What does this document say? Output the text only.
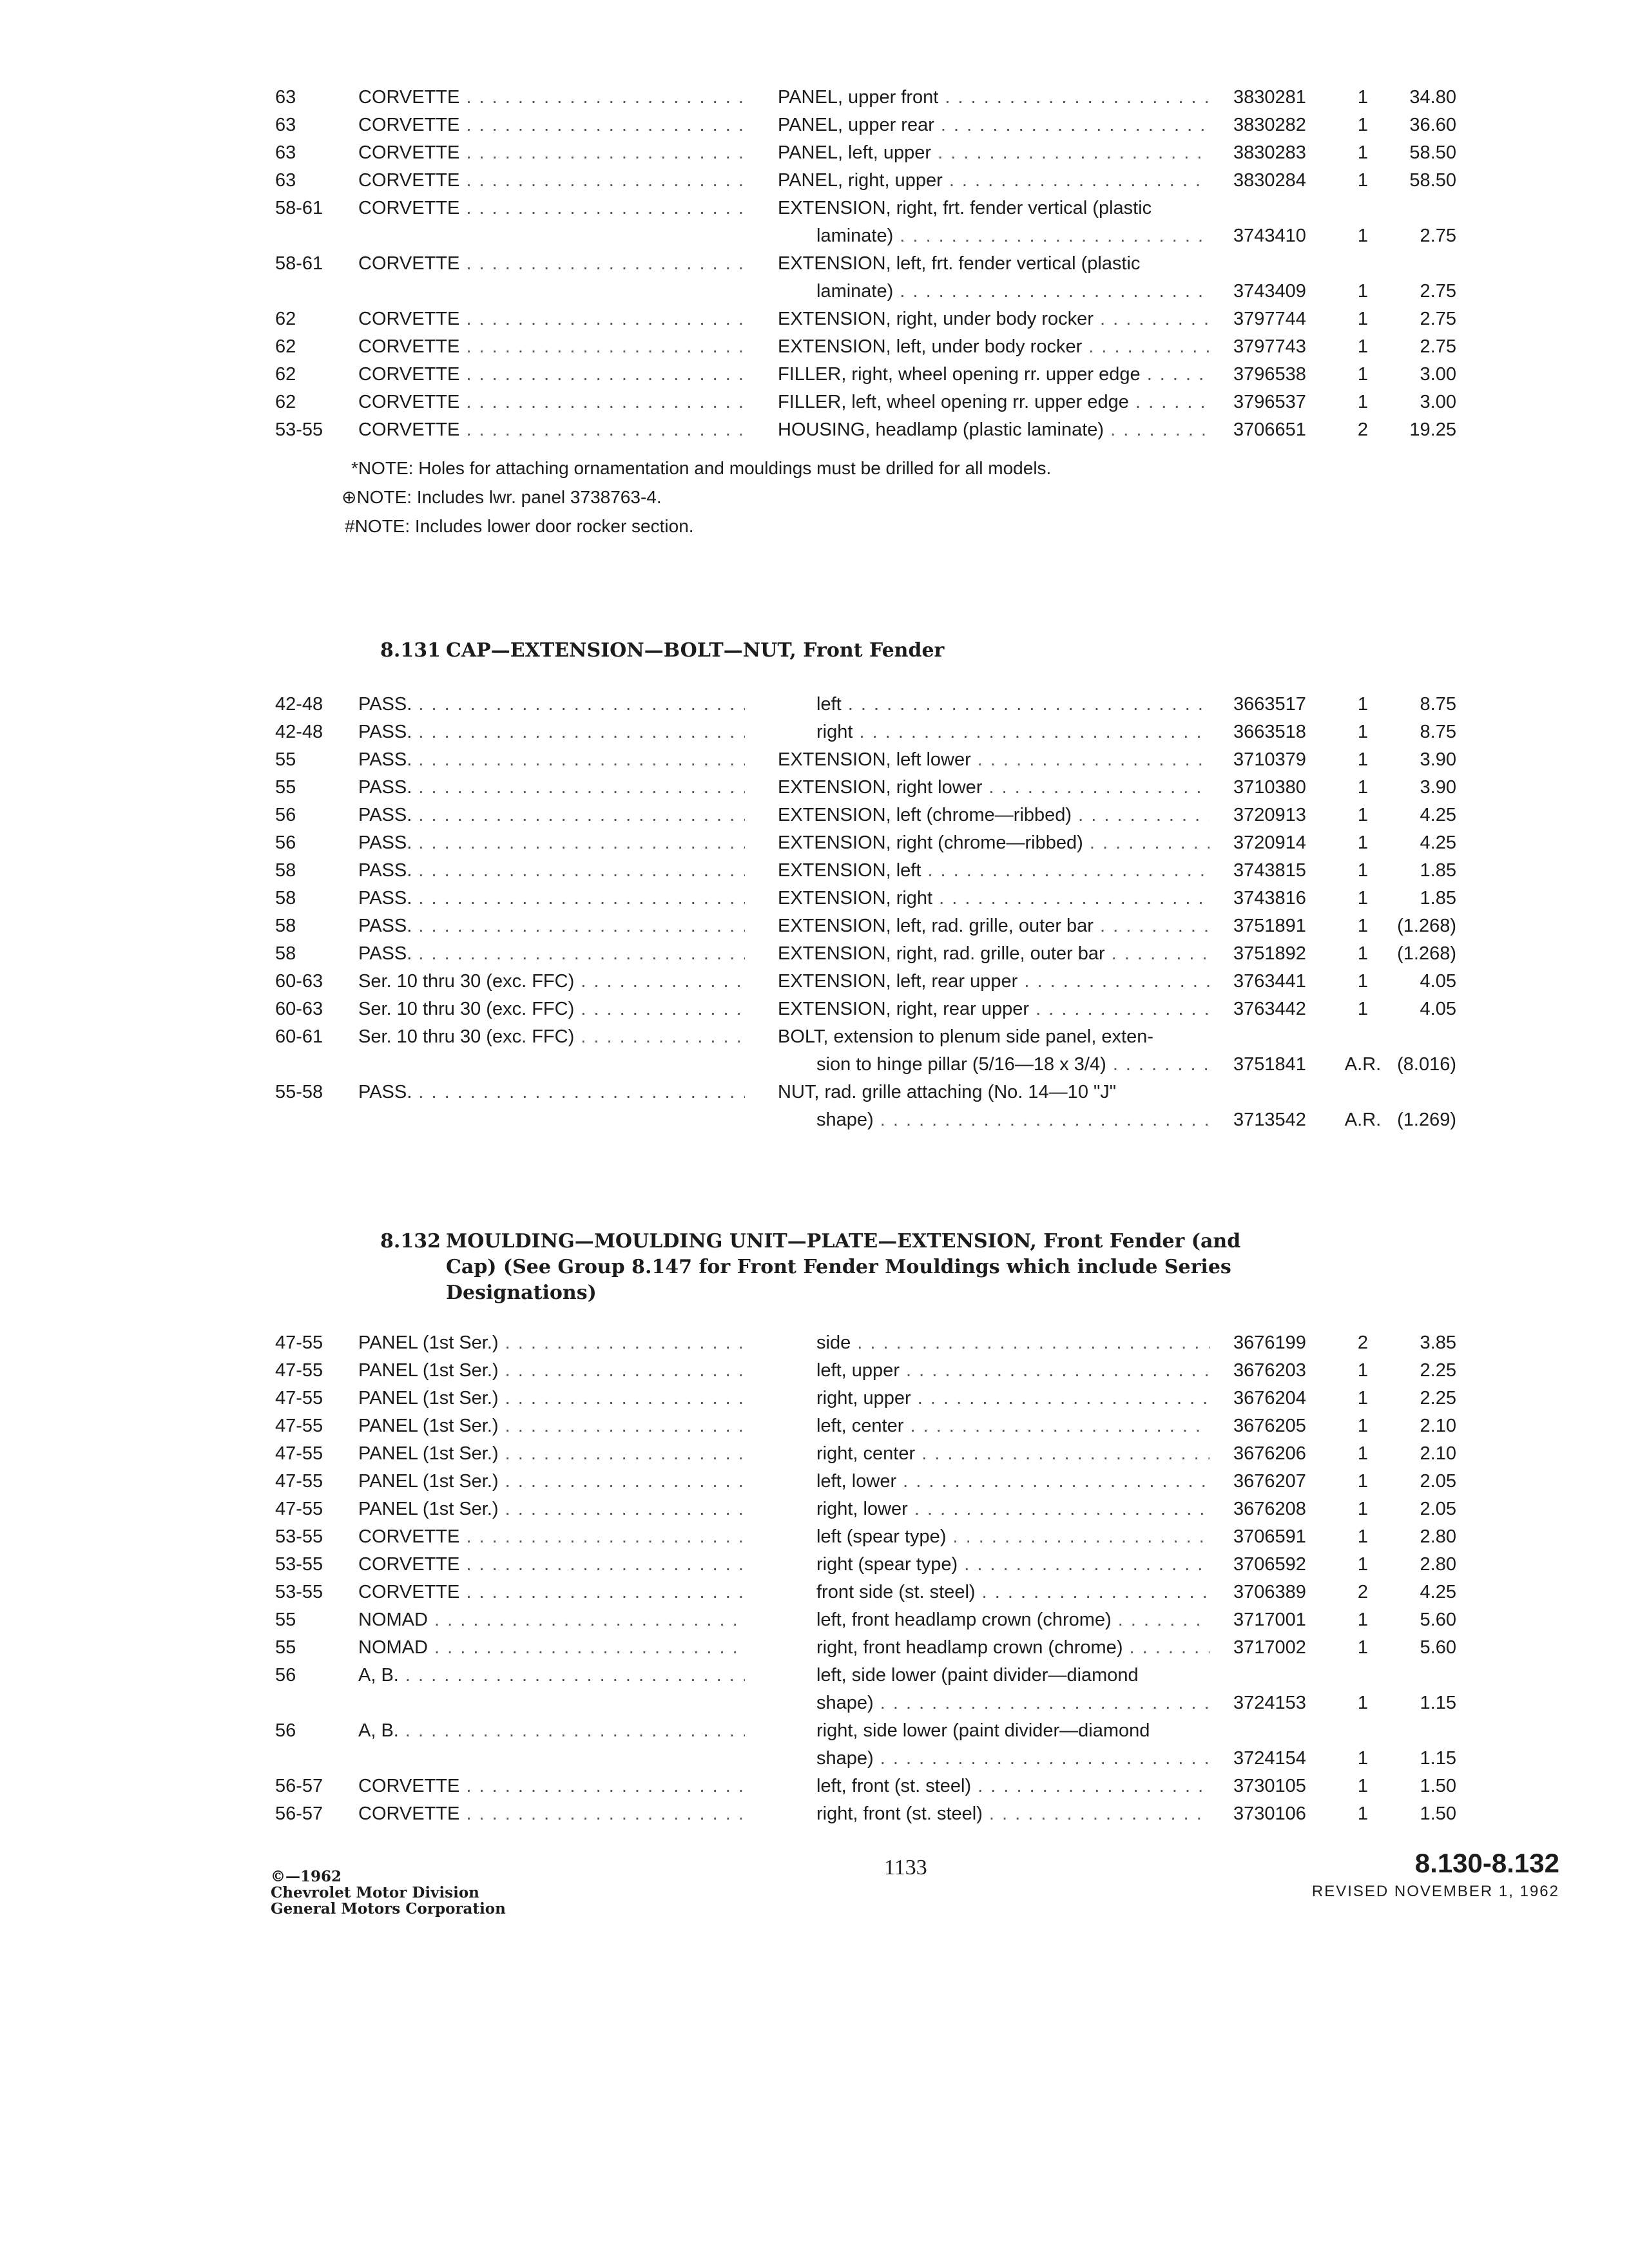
63	CORVETTE . . .	PANEL, upper front . . .	3830281	1	34.80
63	CORVETTE . . .	PANEL, upper rear . . .	3830282	1	36.60
63	CORVETTE . . .	PANEL, left, upper . . .	3830283	1	58.50
63	CORVETTE . . .	PANEL, right, upper . . .	3830284	1	58.50
58-61 CORVETTE . . .	EXTENSION, right, frt. fender vertical (plastic
laminate) . . .	3743410	1	2.75
58-61 CORVETTE . . .	EXTENSION, left, frt. fender vertical (plastic
laminate) . . .	3743409	1	2.75
62	CORVETTE . . .	EXTENSION, right, under body rocker . . .	3797744	1	2.75
62	CORVETTE . . .	EXTENSION, left, under body rocker . . .	3797743	1	2.75
62	CORVETTE . . .	FILLER, right, wheel opening rr. upper edge . . .	3796538	1	3.00
62	CORVETTE . . .	FILLER, left, wheel opening rr. upper edge . . .	3796537	1	3.00
53-55 CORVETTE . . .	HOUSING, headlamp (plastic laminate) . . .	3706651	2	19.25
*NOTE: Holes for attaching ornamentation and mouldings must be drilled for all models.
⊕NOTE: Includes lwr. panel 3738763-4.
#NOTE: Includes lower door rocker section.
8.131 CAP—EXTENSION—BOLT—NUT, Front Fender
42-48 PASS. . . .	left . . .	3663517	1	8.75
42-48 PASS. . . .	right . . .	3663518	1	8.75
55	PASS. . . .	EXTENSION, left lower . . .	3710379	1	3.90
55	PASS. . . .	EXTENSION, right lower . . .	3710380	1	3.90
56	PASS. . . .	EXTENSION, left (chrome—ribbed) . . .	3720913	1	4.25
56	PASS. . . .	EXTENSION, right (chrome—ribbed) . . .	3720914	1	4.25
58	PASS. . . .	EXTENSION, left . . .	3743815	1	1.85
58	PASS. . . .	EXTENSION, right . . .	3743816	1	1.85
58	PASS. . . .	EXTENSION, left, rad. grille, outer bar . . .	3751891	1	(1.268)
58	PASS. . . .	EXTENSION, right, rad. grille, outer bar . . .	3751892	1	(1.268)
60-63 Ser. 10 thru 30 (exc. FFC) . . .	EXTENSION, left, rear upper . . .	3763441	1	4.05
60-63 Ser. 10 thru 30 (exc. FFC) . . .	EXTENSION, right, rear upper . . .	3763442	1	4.05
60-61 Ser. 10 thru 30 (exc. FFC) . . .	BOLT, extension to plenum side panel, exten-
sion to hinge pillar (5/16—18 x 3/4) . . .	3751841 A.R. (8.016)
55-58 PASS. . . .	NUT, rad. grille attaching (No. 14—10 "J"
shape) . . .	3713542 A.R. (1.269)
8.132 MOULDING—MOULDING UNIT—PLATE—EXTENSION, Front Fender (and Cap) (See Group 8.147 for Front Fender Mouldings which include Series Designations)
47-55 PANEL (1st Ser.) . . .	side . . .	3676199	2	3.85
47-55 PANEL (1st Ser.) . . .	left, upper . . .	3676203	1	2.25
47-55 PANEL (1st Ser.) . . .	right, upper . . .	3676204	1	2.25
47-55 PANEL (1st Ser.) . . .	left, center . . .	3676205	1	2.10
47-55 PANEL (1st Ser.) . . .	right, center . . .	3676206	1	2.10
47-55 PANEL (1st Ser.) . . .	left, lower . . .	3676207	1	2.05
47-55 PANEL (1st Ser.) . . .	right, lower . . .	3676208	1	2.05
53-55 CORVETTE . . .	left (spear type) . . .	3706591	1	2.80
53-55 CORVETTE . . .	right (spear type) . . .	3706592	1	2.80
53-55 CORVETTE . . .	front side (st. steel) . . .	3706389	2	4.25
55	NOMAD . . .	left, front headlamp crown (chrome) . . .	3717001	1	5.60
55	NOMAD . . .	right, front headlamp crown (chrome) . . .	3717002	1	5.60
56	A, B. . . .	left, side lower (paint divider—diamond
shape) . . .	3724153	1	1.15
56	A, B. . . .	right, side lower (paint divider—diamond
shape) . . .	3724154	1	1.15
56-57 CORVETTE . . .	left, front (st. steel) . . .	3730105	1	1.50
56-57 CORVETTE . . .	right, front (st. steel) . . .	3730106	1	1.50
©—1962
Chevrolet Motor Division
General Motors Corporation
1133	8.130-8.132
REVISED NOVEMBER 1, 1962
